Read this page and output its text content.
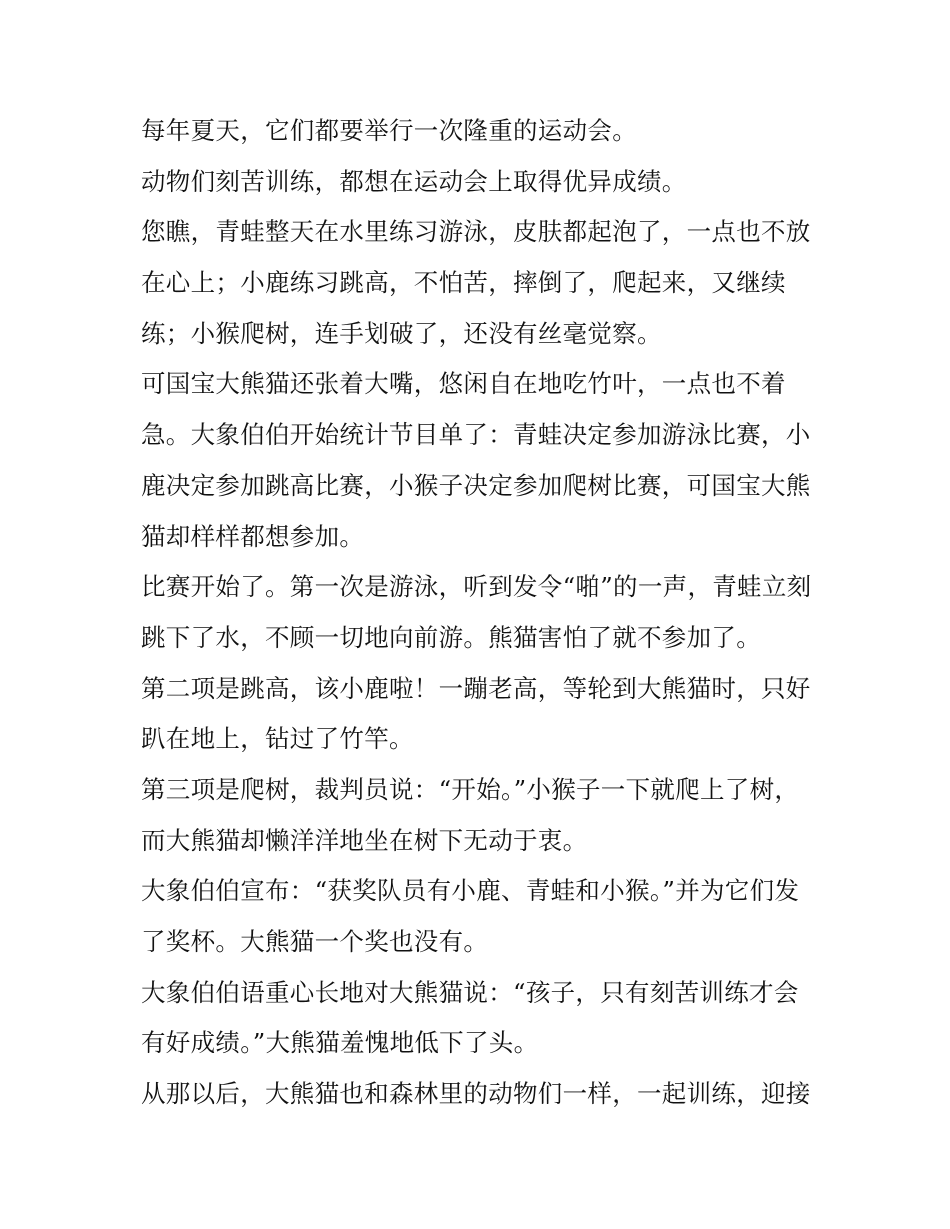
每年夏天，它们都要举行一次隆重的运动会。

动物们刻苦训练，都想在运动会上取得优异成绩。

您瞧，青蛙整天在水里练习游泳，皮肤都起泡了，一点也不放
在心上；小鹿练习跳高，不怕苦，摔倒了，爬起来，又继续
练；小猴爬树，连手划破了，还没有丝毫觉察。

可国宝大熊猫还张着大嘴，悠闲自在地吃竹叶，一点也不着
急。大象伯伯开始统计节目单了：青蛙决定参加游泳比赛，小
鹿决定参加跳高比赛，小猴子决定参加爬树比赛，可国宝大熊
猫却样样都想参加。

比赛开始了。第一次是游泳，听到发令“啪”的一声，青蛙立刻
跳下了水，不顾一切地向前游。熊猫害怕了就不参加了。

第二项是跳高，该小鹿啦！一蹦老高，等轮到大熊猫时，只好
趴在地上，钻过了竹竿。

第三项是爬树，裁判员说：“开始。”小猴子一下就爬上了树，
而大熊猫却懒洋洋地坐在树下无动于衷。

大象伯伯宣布：“获奖队员有小鹿、青蛙和小猴。”并为它们发
了奖杯。大熊猫一个奖也没有。

大象伯伯语重心长地对大熊猫说：“孩子，只有刻苦训练才会
有好成绩。”大熊猫羞愧地低下了头。

从那以后，大熊猫也和森林里的动物们一样，一起训练，迎接
